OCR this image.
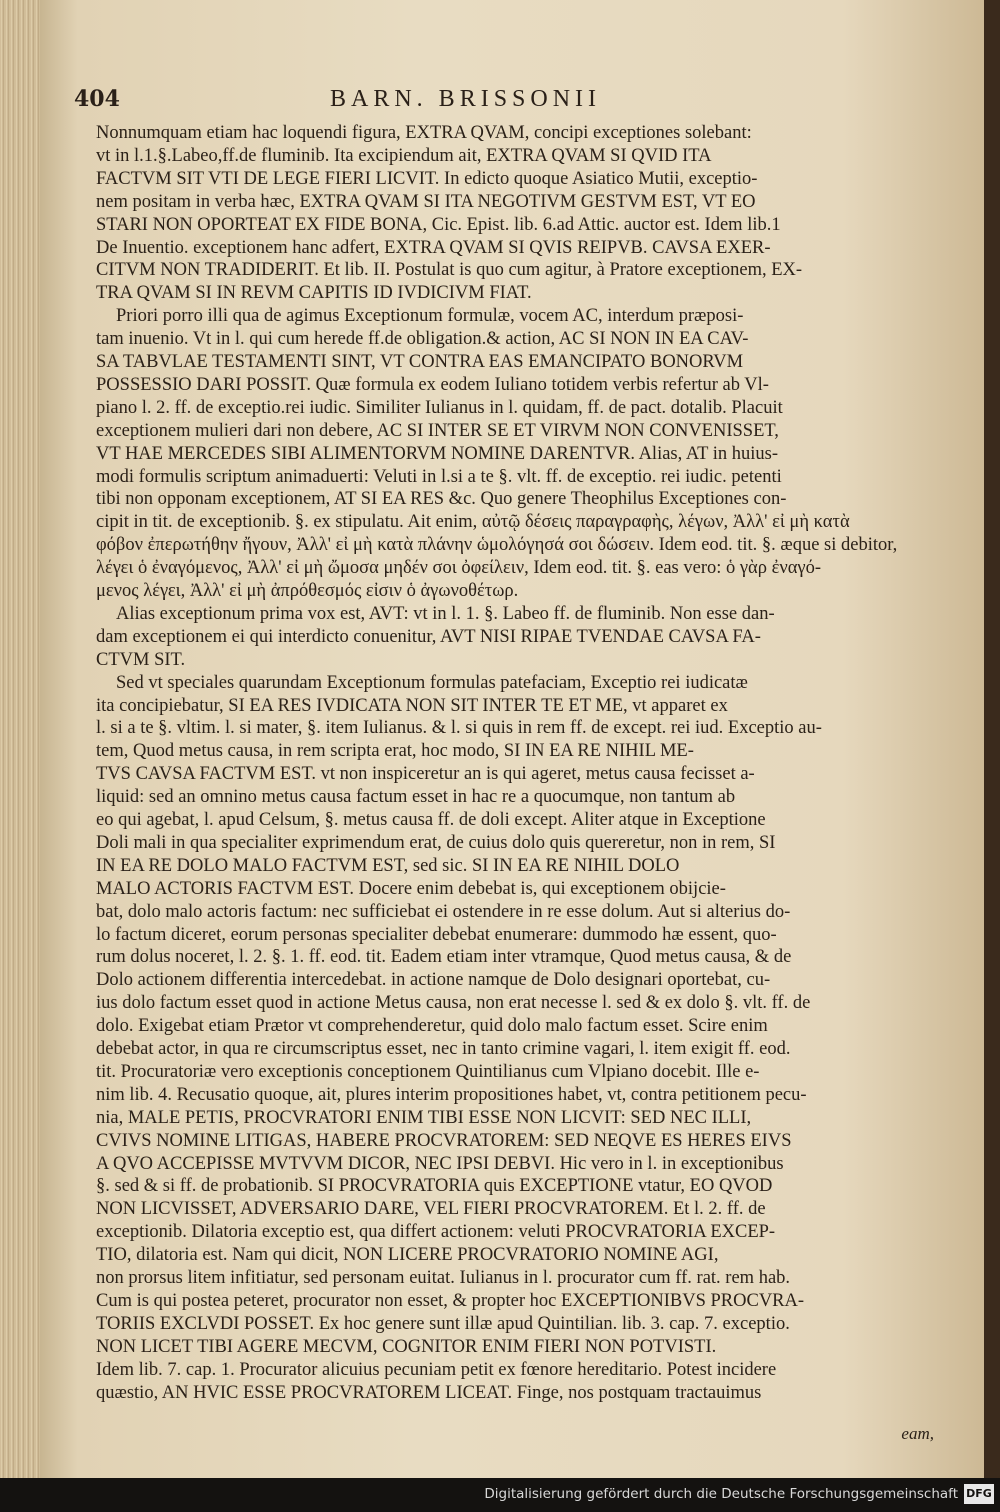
404	BARN. BRISSONII
Nonnumquam etiam hac loquendi figura, EXTRA QVAM, concipi exceptiones solebant:
vt in l.1.§.Labeo,ff.de fluminib. Ita excipiendum ait, EXTRA QVAM SI QVID ITA
FACTVM SIT VTI DE LEGE FIERI LICVIT. In edicto quoque Asiatico Mutii, exceptio-
nem positam in verba hæc, EXTRA QVAM SI ITA NEGOTIVM GESTVM EST, VT EO
STARI NON OPORTEAT EX FIDE BONA, Cic. Epist. lib. 6.ad Attic. auctor est. Idem lib.1
De Inuentio. exceptionem hanc adfert, EXTRA QVAM SI QVIS REIPVB. CAVSA EXER-
CITVM NON TRADIDERIT. Et lib. II. Postulat is quo cum agitur, à Pratore exceptionem, EX-
TRA QVAM SI IN REVM CAPITIS ID IVDICIVM FIAT.
Priori porro illi qua de agimus Exceptionum formulæ, vocem AC, interdum præposi-
tam inuenio. Vt in l. qui cum herede ff.de obligation.& action, AC SI NON IN EA CAV-
SA TABVLAE TESTAMENTI SINT, VT CONTRA EAS EMANCIPATO BONORVM
POSSESSIO DARI POSSIT. Quæ formula ex eodem Iuliano totidem verbis refertur ab Vl-
piano l. 2. ff. de exceptio.rei iudic. Similiter Iulianus in l. quidam, ff. de pact. dotalib. Placuit
exceptionem mulieri dari non debere, AC SI INTER SE ET VIRVM NON CONVENISSET,
VT HAE MERCEDES SIBI ALIMENTORVM NOMINE DARENTVR. Alias, AT in huius-
modi formulis scriptum animaduerti: Veluti in l.si a te §. vlt. ff. de exceptio. rei iudic. petenti
tibi non opponam exceptionem, AT SI EA RES &c. Quo genere Theophilus Exceptiones con-
cipit in tit. de exceptionib. §. ex stipulatu. Ait enim, αὐτῷ δέσεις παραγραφὴς, λέγων, Ἀλλ' εἰ μὴ κατὰ
φόβον ἐπερωτήθην ἤγουν, Ἀλλ' εἰ μὴ κατὰ πλάνην ὡμολόγησά σοι δώσειν. Idem eod. tit. §. æque si debitor,
λέγει ὁ ἐναγόμενος, Ἀλλ' εἰ μὴ ὤμοσα μηδέν σοι ὀφείλειν, Idem eod. tit. §. eas vero: ὁ γὰρ ἐναγό-
μενος λέγει, Ἀλλ' εἰ μὴ ἀπρόθεσμός εἰσιν ὁ ἀγωνοθέτωρ.
Alias exceptionum prima vox est, AVT: vt in l. 1. §. Labeo ff. de fluminib. Non esse dan-
dam exceptionem ei qui interdicto conuenitur, AVT NISI RIPAE TVENDAE CAVSA FA-
CTVM SIT.
Sed vt speciales quarundam Exceptionum formulas patefaciam, Exceptio rei iudicatæ
ita concipiebatur, SI EA RES IVDICATA NON SIT INTER TE ET ME, vt apparet ex
l. si a te §. vltim. l. si mater, §. item Iulianus. & l. si quis in rem ff. de except. rei iud. Exceptio au-
tem, Quod metus causa, in rem scripta erat, hoc modo, SI IN EA RE NIHIL ME-
TVS CAVSA FACTVM EST. vt non inspiceretur an is qui ageret, metus causa fecisset a-
liquid: sed an omnino metus causa factum esset in hac re a quocumque, non tantum ab
eo qui agebat, l. apud Celsum, §. metus causa ff. de doli except. Aliter atque in Exceptione
Doli mali in qua specialiter exprimendum erat, de cuius dolo quis quereretur, non in rem, SI
IN EA RE DOLO MALO FACTVM EST, sed sic. SI IN EA RE NIHIL DOLO
MALO ACTORIS FACTVM EST. Docere enim debebat is, qui exceptionem obijcie-
bat, dolo malo actoris factum: nec sufficiebat ei ostendere in re esse dolum. Aut si alterius do-
lo factum diceret, eorum personas specialiter debebat enumerare: dummodo hæ essent, quo-
rum dolus noceret, l. 2. §. 1. ff. eod. tit. Eadem etiam inter vtramque, Quod metus causa, & de
Dolo actionem differentia intercedebat. in actione namque de Dolo designari oportebat, cu-
ius dolo factum esset quod in actione Metus causa, non erat necesse l. sed & ex dolo §. vlt. ff. de
dolo. Exigebat etiam Prætor vt comprehenderetur, quid dolo malo factum esset. Scire enim
debebat actor, in qua re circumscriptus esset, nec in tanto crimine vagari, l. item exigit ff. eod.
tit. Procuratoriæ vero exceptionis conceptionem Quintilianus cum Vlpiano docebit. Ille e-
nim lib. 4. Recusatio quoque, ait, plures interim propositiones habet, vt, contra petitionem pecu-
nia, MALE PETIS, PROCVRATORI ENIM TIBI ESSE NON LICVIT: SED NEC ILLI,
CVIVS NOMINE LITIGAS, HABERE PROCVRATOREM: SED NEQVE ES HERES EIVS
A QVO ACCEPISSE MVTVVM DICOR, NEC IPSI DEBVI. Hic vero in l. in exceptionibus
§. sed & si ff. de probationib. SI PROCVRATORIA quis EXCEPTIONE vtatur, EO QVOD
NON LICVISSET, ADVERSARIO DARE, VEL FIERI PROCVRATOREM. Et l. 2. ff. de
exceptionib. Dilatoria exceptio est, qua differt actionem: veluti PROCVRATORIA EXCEP-
TIO, dilatoria est. Nam qui dicit, NON LICERE PROCVRATORIO NOMINE AGI,
non prorsus litem infitiatur, sed personam euitat. Iulianus in l. procurator cum ff. rat. rem hab.
Cum is qui postea peteret, procurator non esset, & propter hoc EXCEPTIONIBVS PROCVRA-
TORIIS EXCLVDI POSSET. Ex hoc genere sunt illæ apud Quintilian. lib. 3. cap. 7. exceptio.
NON LICET TIBI AGERE MECVM, COGNITOR ENIM FIERI NON POTVISTI.
Idem lib. 7. cap. 1. Procurator alicuius pecuniam petit ex fœnore hereditario. Potest incidere
quæstio, AN HVIC ESSE PROCVRATOREM LICEAT. Finge, nos postquam tractauimus
eam,
Digitalisierung gefördert durch die Deutsche Forschungsgemeinschaft DFG
